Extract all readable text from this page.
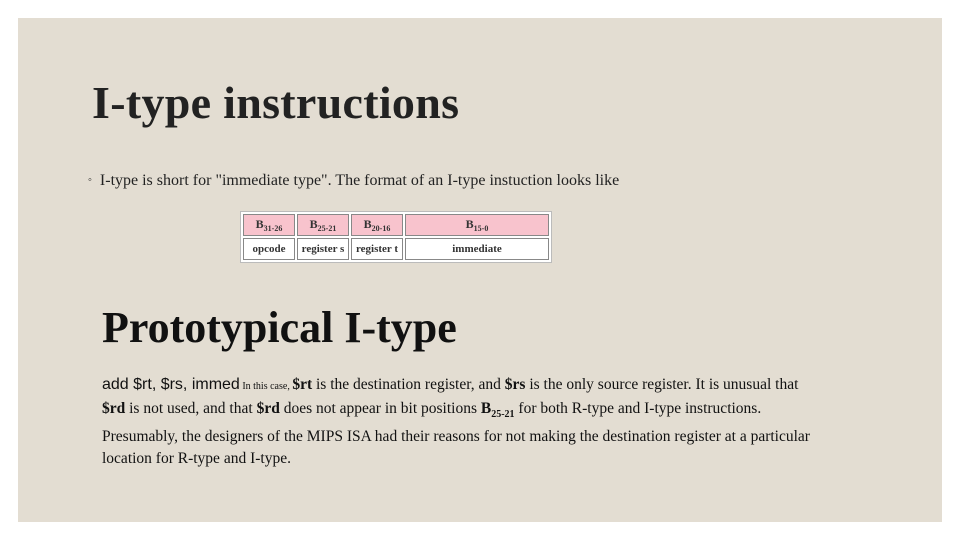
I-type instructions
◦ I-type is short for "immediate type". The format of an I-type instuction looks like
$B_{31-26}$	$B_{25-21}$	$B_{20-16}$	$B_{15-0}$
opcode	register s	register t	immediate
Prototypical I-type
add $rt, $rs, immed In this case, $rt is the destination register, and $rs is the only source register. It is unusual that $rd is not used, and that $rd does not appear in bit positions $B_{25-21}$ for both R-type and I-type instructions. Presumably, the designers of the MIPS ISA had their reasons for not making the destination register at a particular location for R-type and I-type.
